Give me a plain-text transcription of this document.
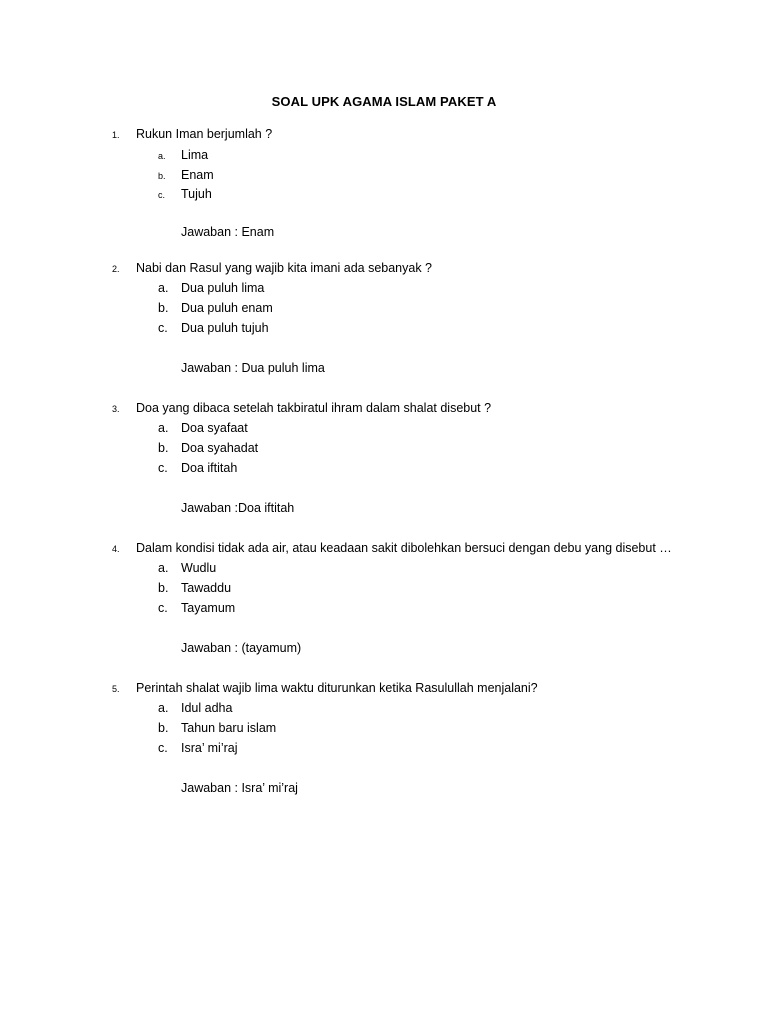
SOAL UPK AGAMA ISLAM PAKET A
1. Rukun Iman berjumlah ?
a. Lima
b. Enam
c. Tujuh
Jawaban : Enam
2. Nabi dan Rasul yang wajib kita imani ada sebanyak ?
a. Dua puluh lima
b. Dua puluh enam
c. Dua puluh tujuh
Jawaban : Dua puluh lima
3. Doa yang dibaca setelah takbiratul ihram dalam shalat disebut ?
a. Doa syafaat
b. Doa syahadat
c. Doa iftitah
Jawaban :Doa iftitah
4. Dalam kondisi tidak ada air, atau keadaan sakit dibolehkan bersuci dengan debu yang disebut …
a. Wudlu
b. Tawaddu
c. Tayamum
Jawaban : (tayamum)
5. Perintah shalat wajib lima waktu diturunkan ketika Rasulullah menjalani?
a. Idul adha
b. Tahun baru islam
c. Isra’ mi’raj
Jawaban : Isra’ mi’raj
